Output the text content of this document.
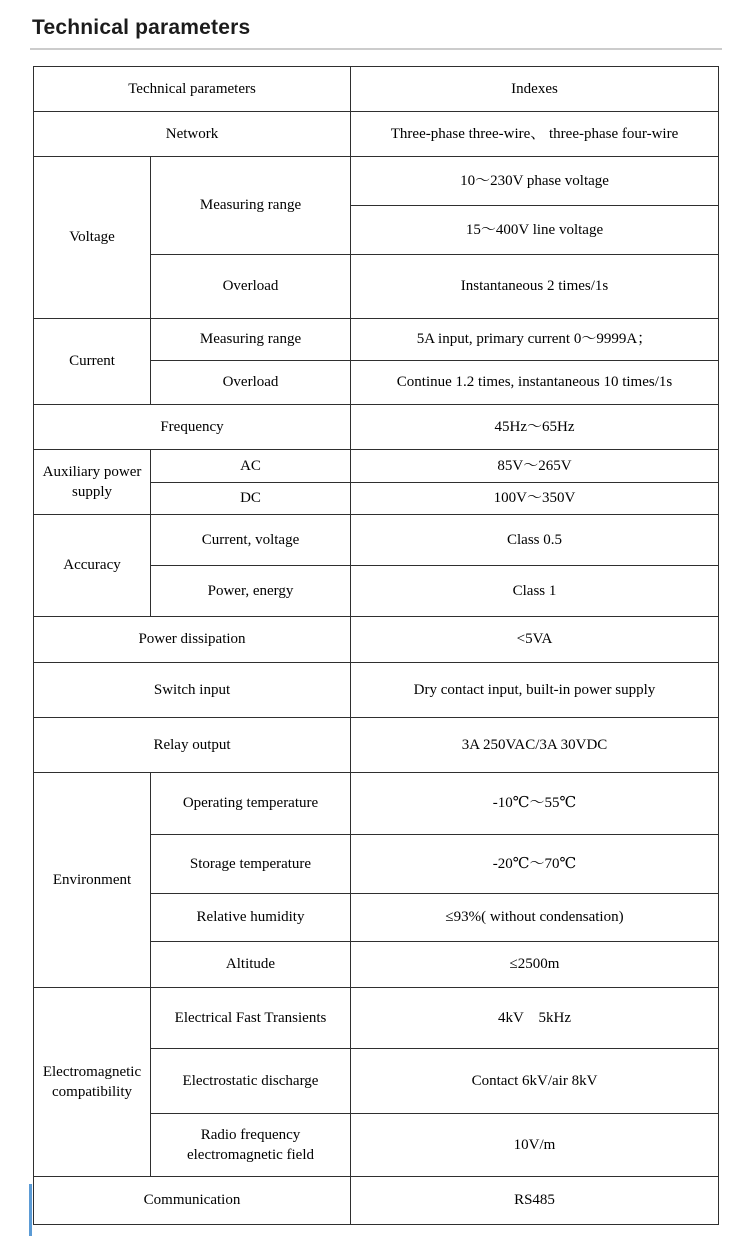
Technical parameters
Technical parameters		Indexes
Network		Three-phase three-wire、 three-phase four-wire
Voltage	Measuring range	10～230V phase voltage
		15～400V line voltage
	Overload	Instantaneous 2 times/1s
Current	Measuring range	5A input, primary current 0～9999A；
	Overload	Continue 1.2 times, instantaneous 10 times/1s
Frequency		45Hz～65Hz
Auxiliary power supply	AC	85V～265V
	DC	100V～350V
Accuracy	Current, voltage	Class 0.5
	Power, energy	Class 1
Power dissipation		<5VA
Switch input		Dry contact input, built-in power supply
Relay output		3A 250VAC/3A 30VDC
Environment	Operating temperature	-10℃～55℃
	Storage temperature	-20℃～70℃
	Relative humidity	≤93%( without condensation)
	Altitude	≤2500m
Electromagnetic compatibility	Electrical Fast Transients	4kV　5kHz
	Electrostatic discharge	Contact 6kV/air 8kV
	Radio frequency electromagnetic field	10V/m
Communication		RS485
